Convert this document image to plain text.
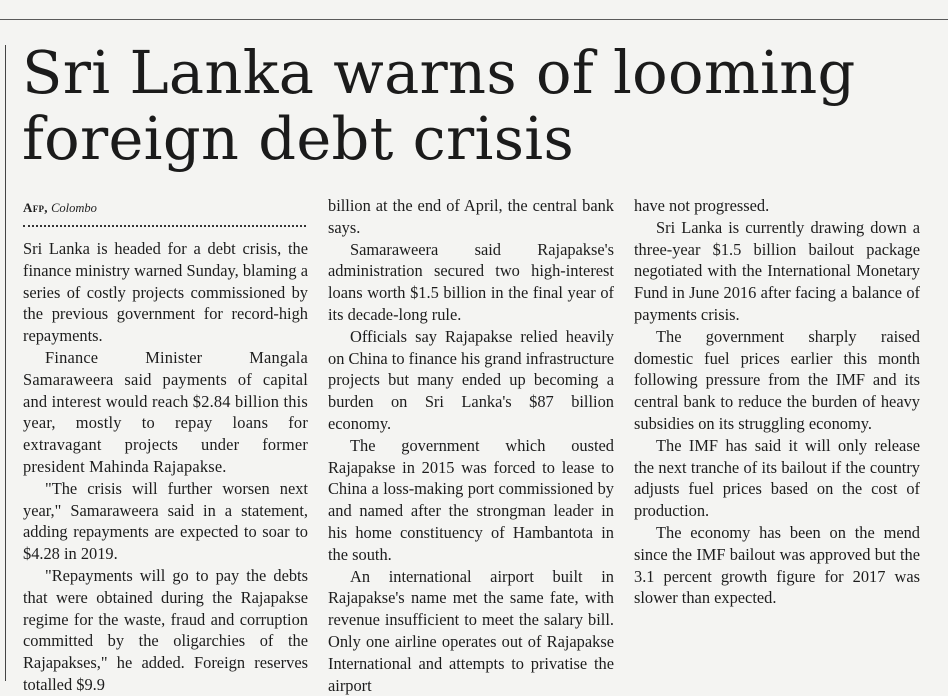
Sri Lanka warns of looming foreign debt crisis
Afp, Colombo

Sri Lanka is headed for a debt crisis, the finance ministry warned Sunday, blaming a series of costly projects commissioned by the previous government for record-high repayments.

Finance Minister Mangala Samaraweera said payments of capital and interest would reach $2.84 billion this year, mostly to repay loans for extravagant projects under former president Mahinda Rajapakse.

"The crisis will further worsen next year," Samaraweera said in a statement, adding repayments are expected to soar to $4.28 in 2019.

"Repayments will go to pay the debts that were obtained during the Rajapakse regime for the waste, fraud and corruption committed by the oligarchies of the Rajapakses," he added. Foreign reserves totalled $9.9

billion at the end of April, the central bank says.

Samaraweera said Rajapakse's administration secured two high-interest loans worth $1.5 billion in the final year of its decade-long rule.

Officials say Rajapakse relied heavily on China to finance his grand infrastructure projects but many ended up becoming a burden on Sri Lanka's $87 billion economy.

The government which ousted Rajapakse in 2015 was forced to lease to China a loss-making port commissioned by and named after the strongman leader in his home constituency of Hambantota in the south.

An international airport built in Rajapakse's name met the same fate, with revenue insufficient to meet the salary bill. Only one airline operates out of Rajapakse International and attempts to privatise the airport

have not progressed.

Sri Lanka is currently drawing down a three-year $1.5 billion bailout package negotiated with the International Monetary Fund in June 2016 after facing a balance of payments crisis.

The government sharply raised domestic fuel prices earlier this month following pressure from the IMF and its central bank to reduce the burden of heavy subsidies on its struggling economy.

The IMF has said it will only release the next tranche of its bailout if the country adjusts fuel prices based on the cost of production.

The economy has been on the mend since the IMF bailout was approved but the 3.1 percent growth figure for 2017 was slower than expected.
